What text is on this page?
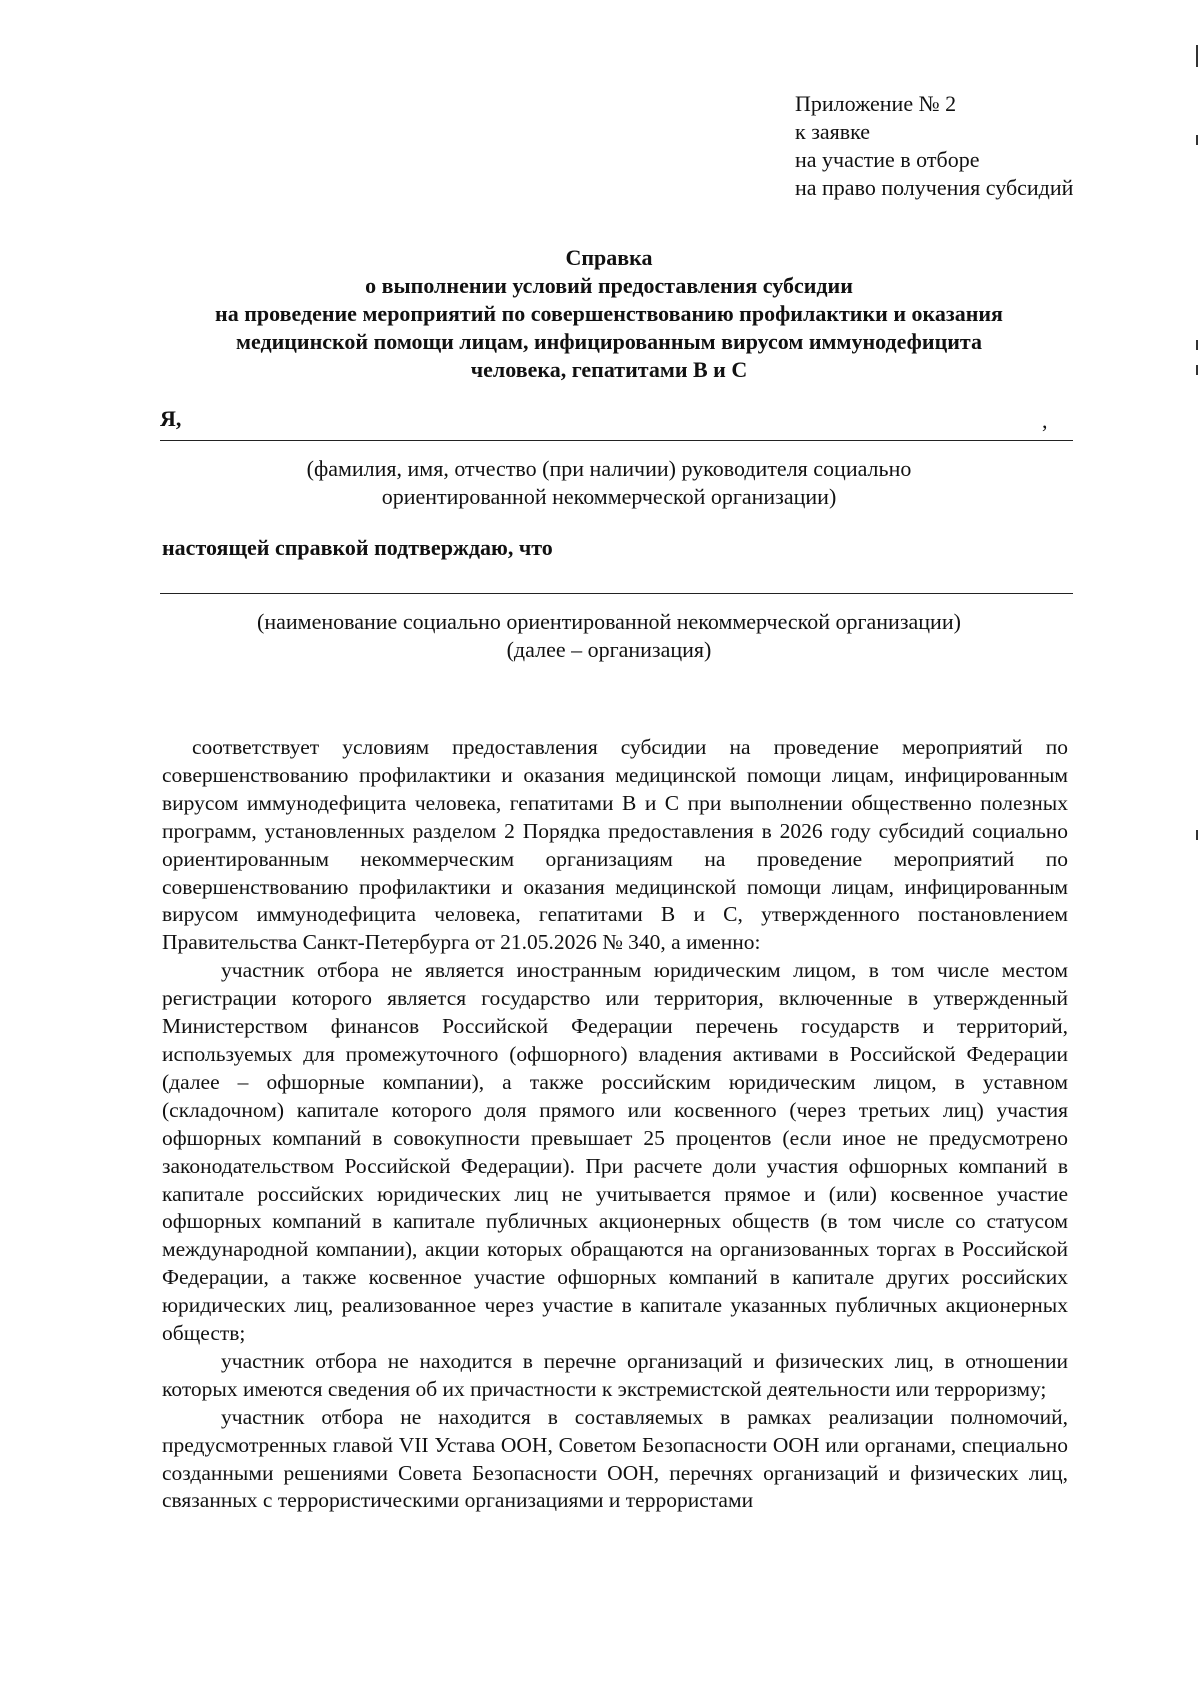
Приложение № 2
к заявке
на участие в отборе
на право получения субсидий
Справка
о выполнении условий предоставления субсидии
на проведение мероприятий по совершенствованию профилактики и оказания
медицинской помощи лицам, инфицированным вирусом иммунодефицита
человека, гепатитами В и С
Я,	,
(фамилия, имя, отчество (при наличии) руководителя социально
ориентированной некоммерческой организации)
настоящей справкой подтверждаю, что
(наименование социально ориентированной некоммерческой организации)
(далее – организация)

соответствует условиям предоставления субсидии на проведение мероприятий по совершенствованию профилактики и оказания медицинской помощи лицам, инфицированным вирусом иммунодефицита человека, гепатитами В и С при выполнении общественно полезных программ, установленных разделом 2 Порядка предоставления в 2026 году субсидий социально ориентированным некоммерческим организациям на проведение мероприятий по совершенствованию профилактики и оказания медицинской помощи лицам, инфицированным вирусом иммунодефицита человека, гепатитами В и С, утвержденного постановлением Правительства Санкт-Петербурга от 21.05.2026 № 340, а именно:

участник отбора не является иностранным юридическим лицом, в том числе местом регистрации которого является государство или территория, включенные в утвержденный Министерством финансов Российской Федерации перечень государств и территорий, используемых для промежуточного (офшорного) владения активами в Российской Федерации (далее – офшорные компании), а также российским юридическим лицом, в уставном (складочном) капитале которого доля прямого или косвенного (через третьих лиц) участия офшорных компаний в совокупности превышает 25 процентов (если иное не предусмотрено законодательством Российской Федерации). При расчете доли участия офшорных компаний в капитале российских юридических лиц не учитывается прямое и (или) косвенное участие офшорных компаний в капитале публичных акционерных обществ (в том числе со статусом международной компании), акции которых обращаются на организованных торгах в Российской Федерации, а также косвенное участие офшорных компаний в капитале других российских юридических лиц, реализованное через участие в капитале указанных публичных акционерных обществ;

участник отбора не находится в перечне организаций и физических лиц, в отношении которых имеются сведения об их причастности к экстремистской деятельности или терроризму;

участник отбора не находится в составляемых в рамках реализации полномочий, предусмотренных главой VII Устава ООН, Советом Безопасности ООН или органами, специально созданными решениями Совета Безопасности ООН, перечнях организаций и физических лиц, связанных с террористическими организациями и террористами
